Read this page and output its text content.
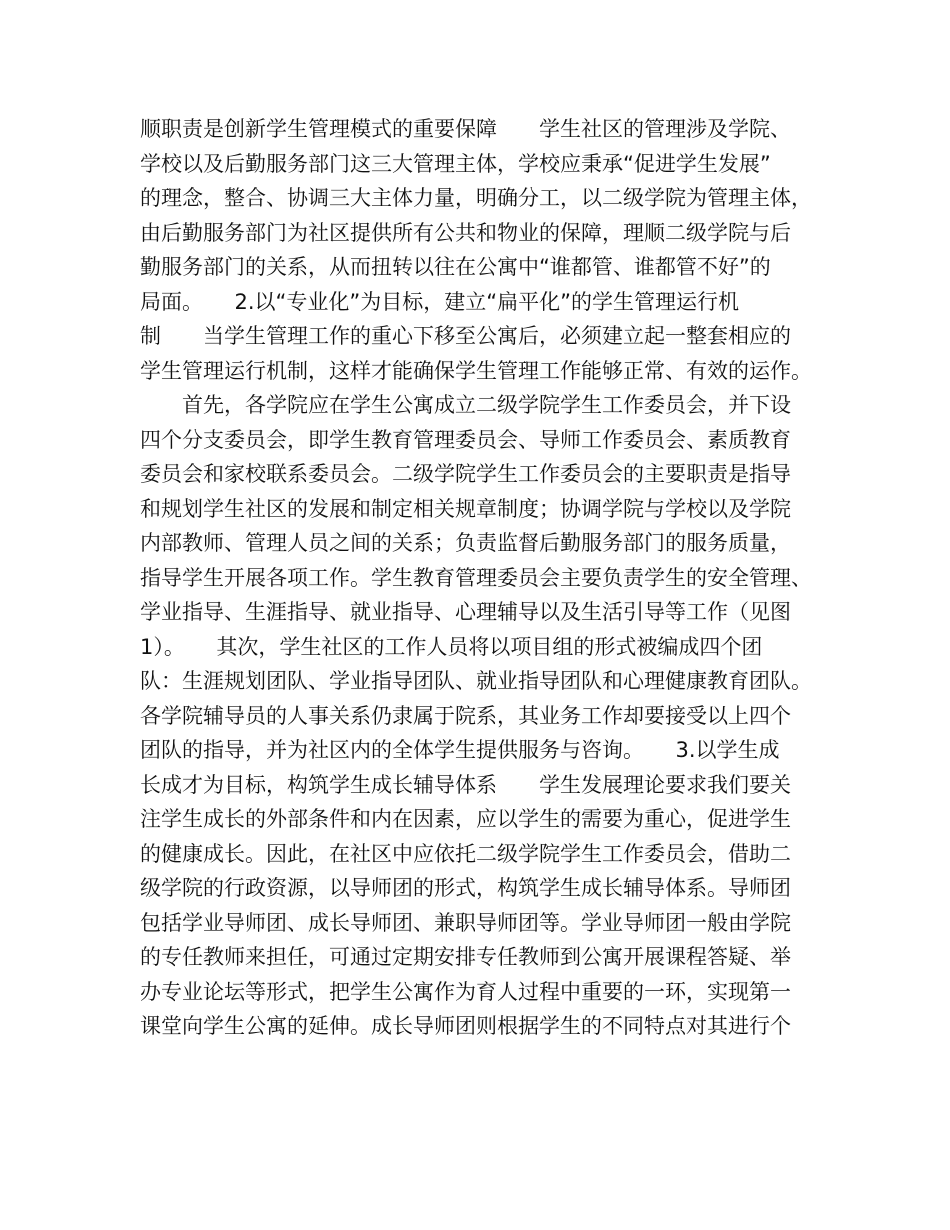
顺职责是创新学生管理模式的重要保障　　学生社区的管理涉及学院、
学校以及后勤服务部门这三大管理主体，学校应秉承“促进学生发展”
的理念，整合、协调三大主体力量，明确分工，以二级学院为管理主体，
由后勤服务部门为社区提供所有公共和物业的保障，理顺二级学院与后
勤服务部门的关系，从而扭转以往在公寓中“谁都管、谁都管不好”的
局面。　　2.以“专业化”为目标，建立“扁平化”的学生管理运行机
制　　当学生管理工作的重心下移至公寓后，必须建立起一整套相应的
学生管理运行机制，这样才能确保学生管理工作能够正常、有效的运作。
　　首先，各学院应在学生公寓成立二级学院学生工作委员会，并下设
四个分支委员会，即学生教育管理委员会、导师工作委员会、素质教育
委员会和家校联系委员会。二级学院学生工作委员会的主要职责是指导
和规划学生社区的发展和制定相关规章制度；协调学院与学校以及学院
内部教师、管理人员之间的关系；负责监督后勤服务部门的服务质量，
指导学生开展各项工作。学生教育管理委员会主要负责学生的安全管理、
学业指导、生涯指导、就业指导、心理辅导以及生活引导等工作（见图
1）。　　其次，学生社区的工作人员将以项目组的形式被编成四个团
队：生涯规划团队、学业指导团队、就业指导团队和心理健康教育团队。
各学院辅导员的人事关系仍隶属于院系，其业务工作却要接受以上四个
团队的指导，并为社区内的全体学生提供服务与咨询。　　3.以学生成
长成才为目标，构筑学生成长辅导体系　　学生发展理论要求我们要关
注学生成长的外部条件和内在因素，应以学生的需要为重心，促进学生
的健康成长。因此，在社区中应依托二级学院学生工作委员会，借助二
级学院的行政资源，以导师团的形式，构筑学生成长辅导体系。导师团
包括学业导师团、成长导师团、兼职导师团等。学业导师团一般由学院
的专任教师来担任，可通过定期安排专任教师到公寓开展课程答疑、举
办专业论坛等形式，把学生公寓作为育人过程中重要的一环，实现第一
课堂向学生公寓的延伸。成长导师团则根据学生的不同特点对其进行个
